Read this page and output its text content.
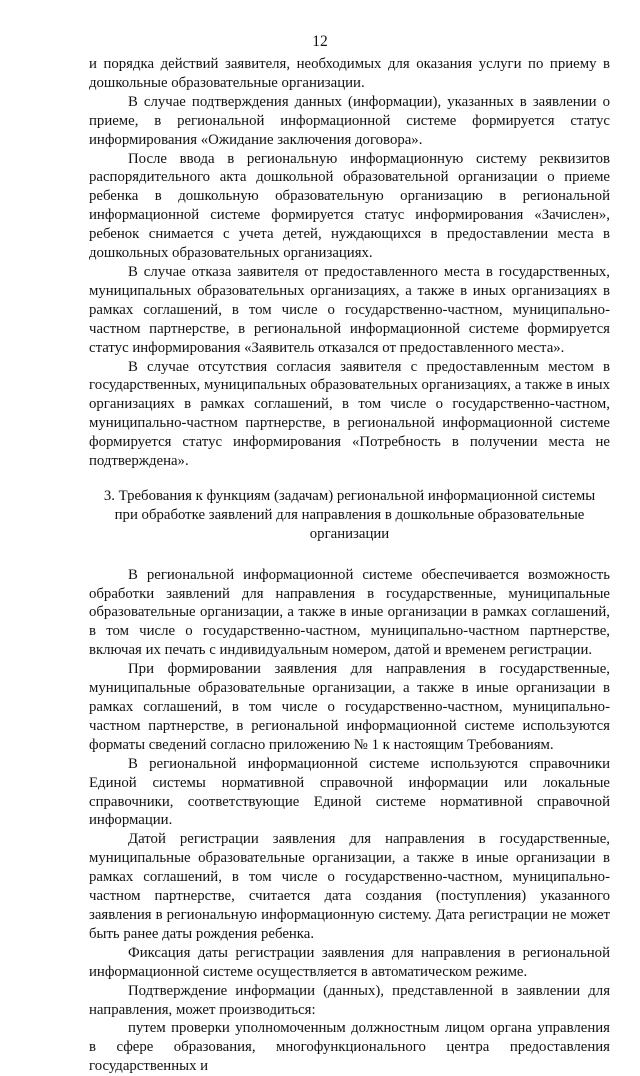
12

и порядка действий заявителя, необходимых для оказания услуги по приему в дошкольные образовательные организации.

В случае подтверждения данных (информации), указанных в заявлении о приеме, в региональной информационной системе формируется статус информирования «Ожидание заключения договора».

После ввода в региональную информационную систему реквизитов распорядительного акта дошкольной образовательной организации о приеме ребенка в дошкольную образовательную организацию в региональной информационной системе формируется статус информирования «Зачислен», ребенок снимается с учета детей, нуждающихся в предоставлении места в дошкольных образовательных организациях.

В случае отказа заявителя от предоставленного места в государственных, муниципальных образовательных организациях, а также в иных организациях в рамках соглашений, в том числе о государственно-частном, муниципально-частном партнерстве, в региональной информационной системе формируется статус информирования «Заявитель отказался от предоставленного места».

В случае отсутствия согласия заявителя с предоставленным местом в государственных, муниципальных образовательных организациях, а также в иных организациях в рамках соглашений, в том числе о государственно-частном, муниципально-частном партнерстве, в региональной информационной системе формируется статус информирования «Потребность в получении места не подтверждена».

3. Требования к функциям (задачам) региональной информационной системы при обработке заявлений для направления в дошкольные образовательные организации

В региональной информационной системе обеспечивается возможность обработки заявлений для направления в государственные, муниципальные образовательные организации, а также в иные организации в рамках соглашений, в том числе о государственно-частном, муниципально-частном партнерстве, включая их печать с индивидуальным номером, датой и временем регистрации.

При формировании заявления для направления в государственные, муниципальные образовательные организации, а также в иные организации в рамках соглашений, в том числе о государственно-частном, муниципально-частном партнерстве, в региональной информационной системе используются форматы сведений согласно приложению № 1 к настоящим Требованиям.

В региональной информационной системе используются справочники Единой системы нормативной справочной информации или локальные справочники, соответствующие Единой системе нормативной справочной информации.

Датой регистрации заявления для направления в государственные, муниципальные образовательные организации, а также в иные организации в рамках соглашений, в том числе о государственно-частном, муниципально-частном партнерстве, считается дата создания (поступления) указанного заявления в региональную информационную систему. Дата регистрации не может быть ранее даты рождения ребенка.

Фиксация даты регистрации заявления для направления в региональной информационной системе осуществляется в автоматическом режиме.

Подтверждение информации (данных), представленной в заявлении для направления, может производиться:

путем проверки уполномоченным должностным лицом органа управления в сфере образования, многофункционального центра предоставления государственных и
